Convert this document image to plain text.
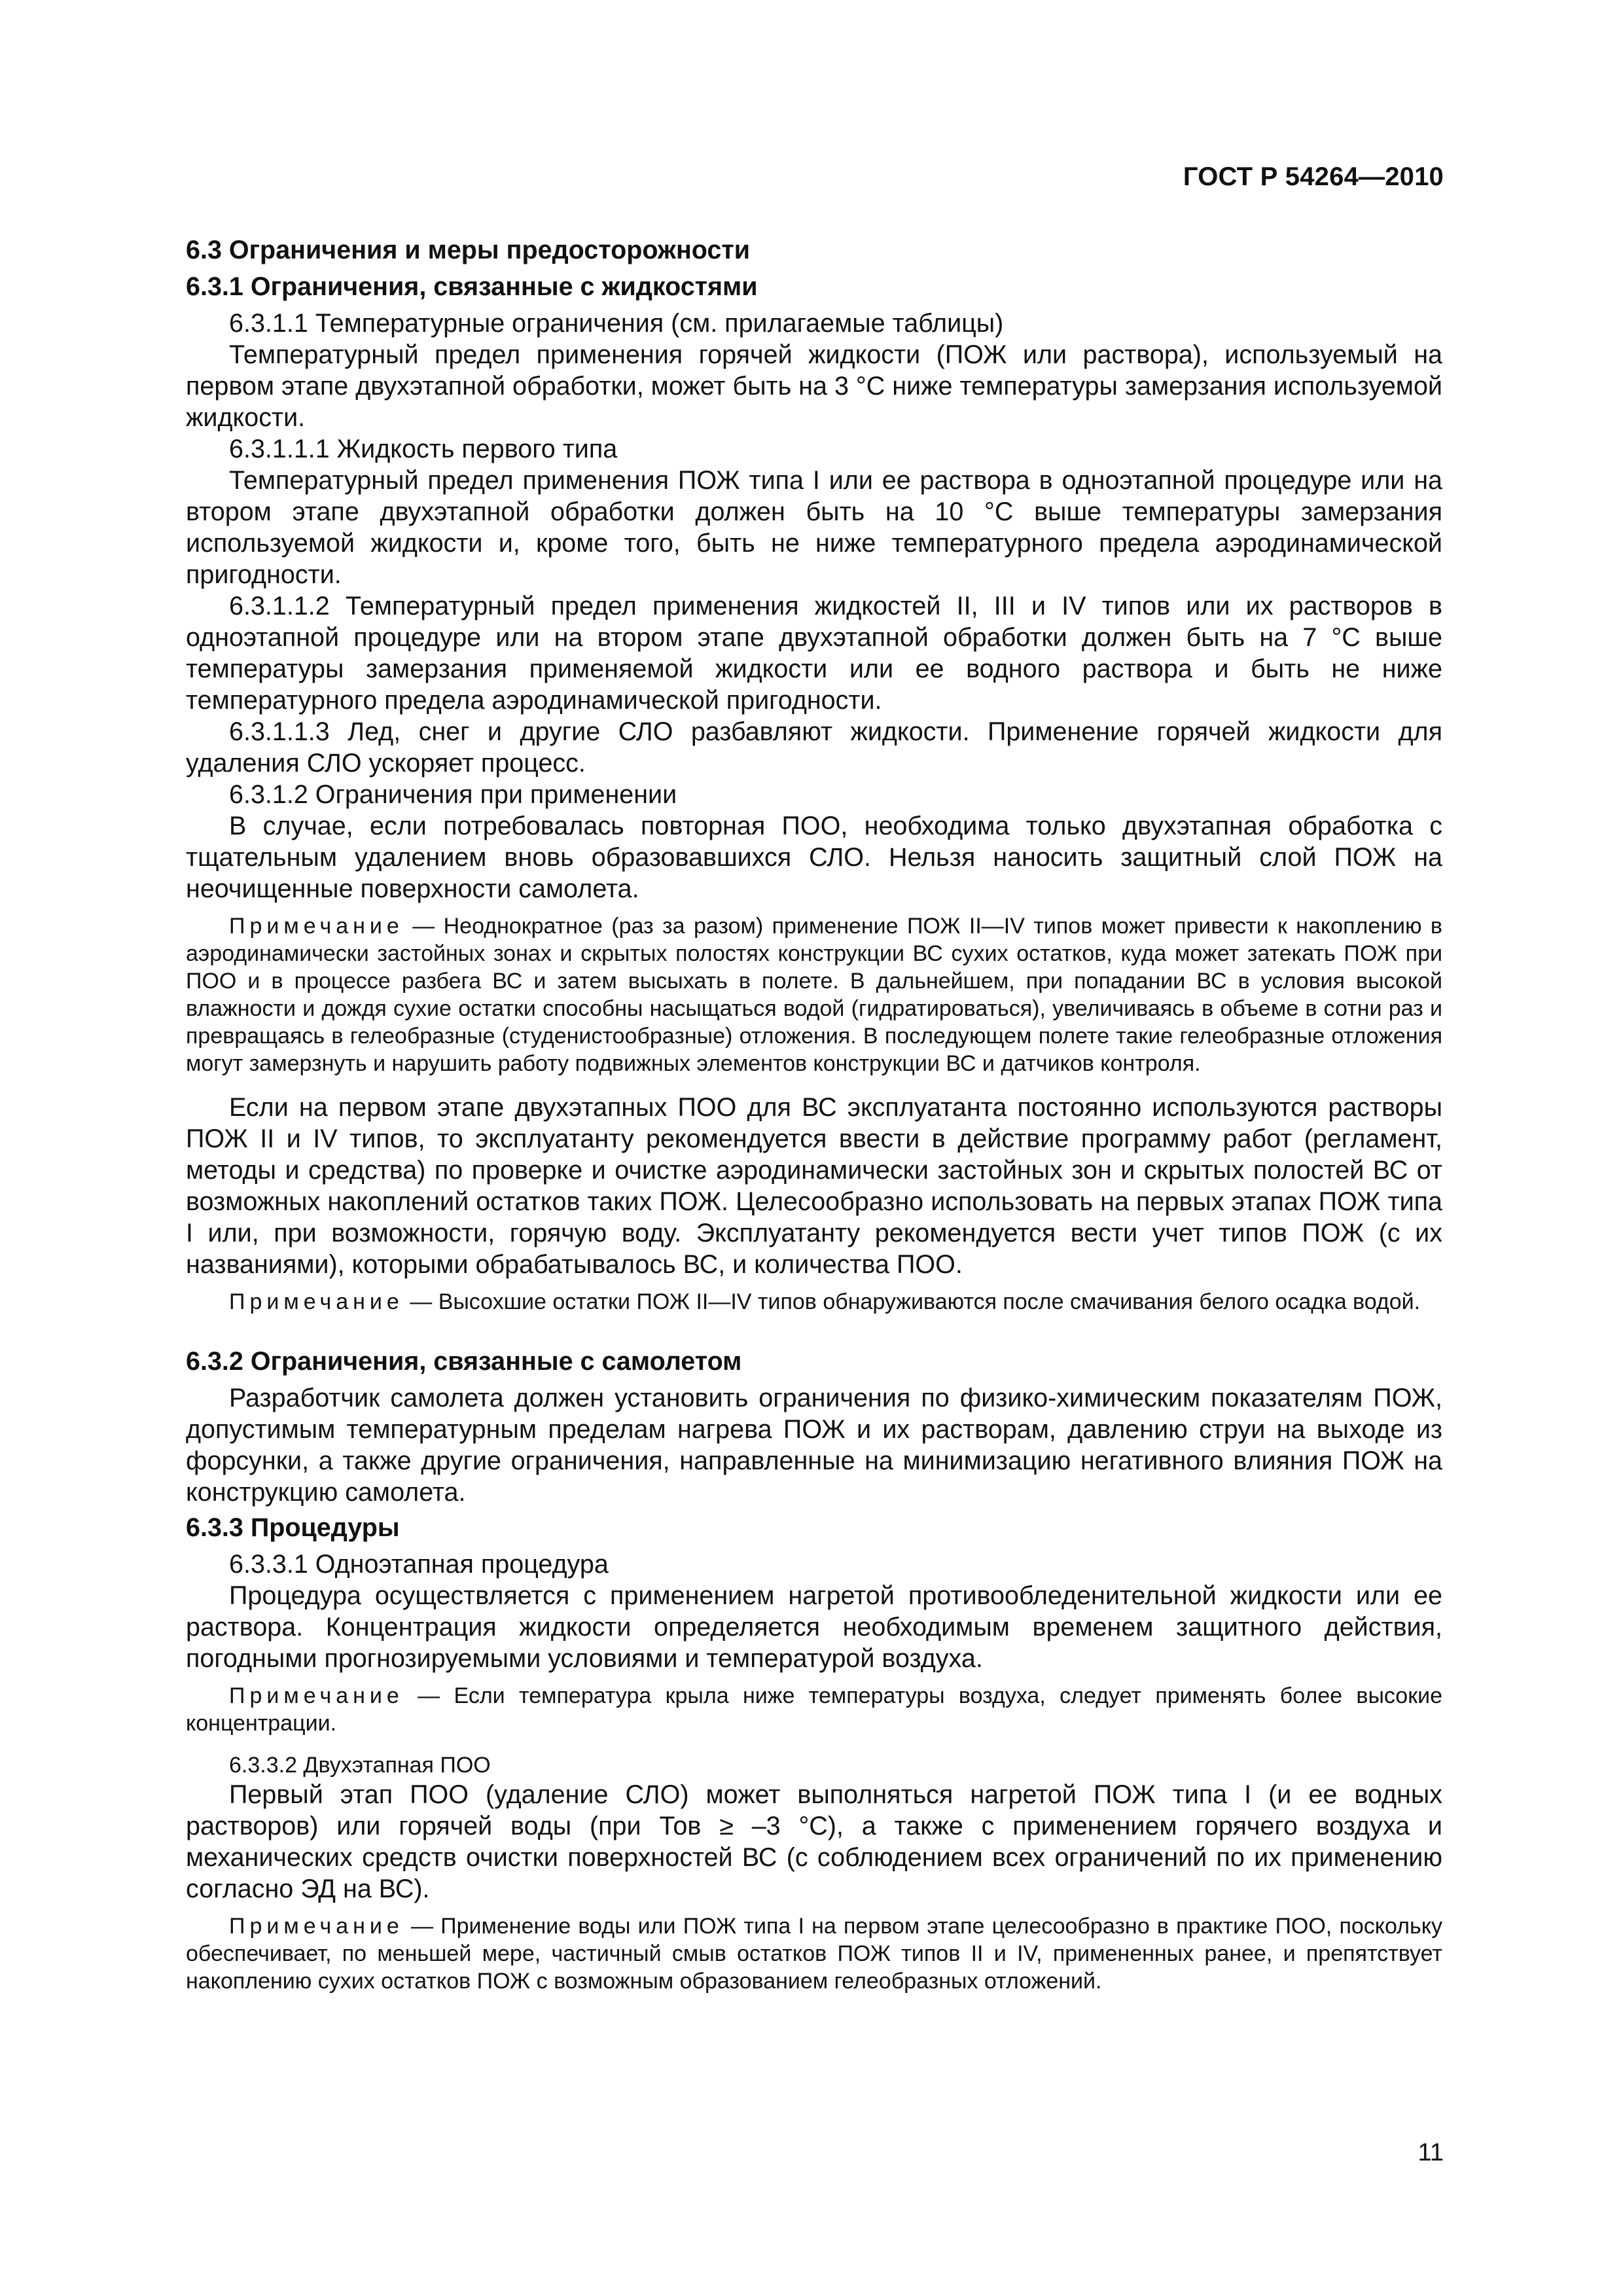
ГОСТ Р 54264—2010

6.3 Ограничения и меры предосторожности

6.3.1 Ограничения, связанные с жидкостями

6.3.1.1 Температурные ограничения (см. прилагаемые таблицы)

Температурный предел применения горячей жидкости (ПОЖ или раствора), используемый на первом этапе двухэтапной обработки, может быть на 3 °С ниже температуры замерзания используемой жидкости.

6.3.1.1.1 Жидкость первого типа

Температурный предел применения ПОЖ типа I или ее раствора в одноэтапной процедуре или на втором этапе двухэтапной обработки должен быть на 10 °С выше температуры замерзания используемой жидкости и, кроме того, быть не ниже температурного предела аэродинамической пригодности.

6.3.1.1.2 Температурный предел применения жидкостей II, III и IV типов или их растворов в одноэтапной процедуре или на втором этапе двухэтапной обработки должен быть на 7 °С выше температуры замерзания применяемой жидкости или ее водного раствора и быть не ниже температурного предела аэродинамической пригодности.

6.3.1.1.3 Лед, снег и другие СЛО разбавляют жидкости. Применение горячей жидкости для удаления СЛО ускоряет процесс.

6.3.1.2 Ограничения при применении

В случае, если потребовалась повторная ПОО, необходима только двухэтапная обработка с тщательным удалением вновь образовавшихся СЛО. Нельзя наносить защитный слой ПОЖ на неочищенные поверхности самолета.

Примечание — Неоднократное (раз за разом) применение ПОЖ II—IV типов может привести к накоплению в аэродинамически застойных зонах и скрытых полостях конструкции ВС сухих остатков, куда может затекать ПОЖ при ПОО и в процессе разбега ВС и затем высыхать в полете. В дальнейшем, при попадании ВС в условия высокой влажности и дождя сухие остатки способны насыщаться водой (гидратироваться), увеличиваясь в объеме в сотни раз и превращаясь в гелеобразные (студенистообразные) отложения. В последующем полете такие гелеобразные отложения могут замерзнуть и нарушить работу подвижных элементов конструкции ВС и датчиков контроля.

Если на первом этапе двухэтапных ПОО для ВС эксплуатанта постоянно используются растворы ПОЖ II и IV типов, то эксплуатанту рекомендуется ввести в действие программу работ (регламент, методы и средства) по проверке и очистке аэродинамически застойных зон и скрытых полостей ВС от возможных накоплений остатков таких ПОЖ. Целесообразно использовать на первых этапах ПОЖ типа I или, при возможности, горячую воду. Эксплуатанту рекомендуется вести учет типов ПОЖ (с их названиями), которыми обрабатывалось ВС, и количества ПОО.

Примечание — Высохшие остатки ПОЖ II—IV типов обнаруживаются после смачивания белого осадка водой.

6.3.2 Ограничения, связанные с самолетом

Разработчик самолета должен установить ограничения по физико-химическим показателям ПОЖ, допустимым температурным пределам нагрева ПОЖ и их растворам, давлению струи на выходе из форсунки, а также другие ограничения, направленные на минимизацию негативного влияния ПОЖ на конструкцию самолета.

6.3.3 Процедуры

6.3.3.1 Одноэтапная процедура

Процедура осуществляется с применением нагретой противообледенительной жидкости или ее раствора. Концентрация жидкости определяется необходимым временем защитного действия, погодными прогнозируемыми условиями и температурой воздуха.

Примечание — Если температура крыла ниже температуры воздуха, следует применять более высокие концентрации.

6.3.3.2 Двухэтапная ПОО

Первый этап ПОО (удаление СЛО) может выполняться нагретой ПОЖ типа I (и ее водных растворов) или горячей воды (при Тов ≥ –3 °С), а также с применением горячего воздуха и механических средств очистки поверхностей ВС (с соблюдением всех ограничений по их применению согласно ЭД на ВС).

Примечание — Применение воды или ПОЖ типа I на первом этапе целесообразно в практике ПОО, поскольку обеспечивает, по меньшей мере, частичный смыв остатков ПОЖ типов II и IV, примененных ранее, и препятствует накоплению сухих остатков ПОЖ с возможным образованием гелеобразных отложений.

11
